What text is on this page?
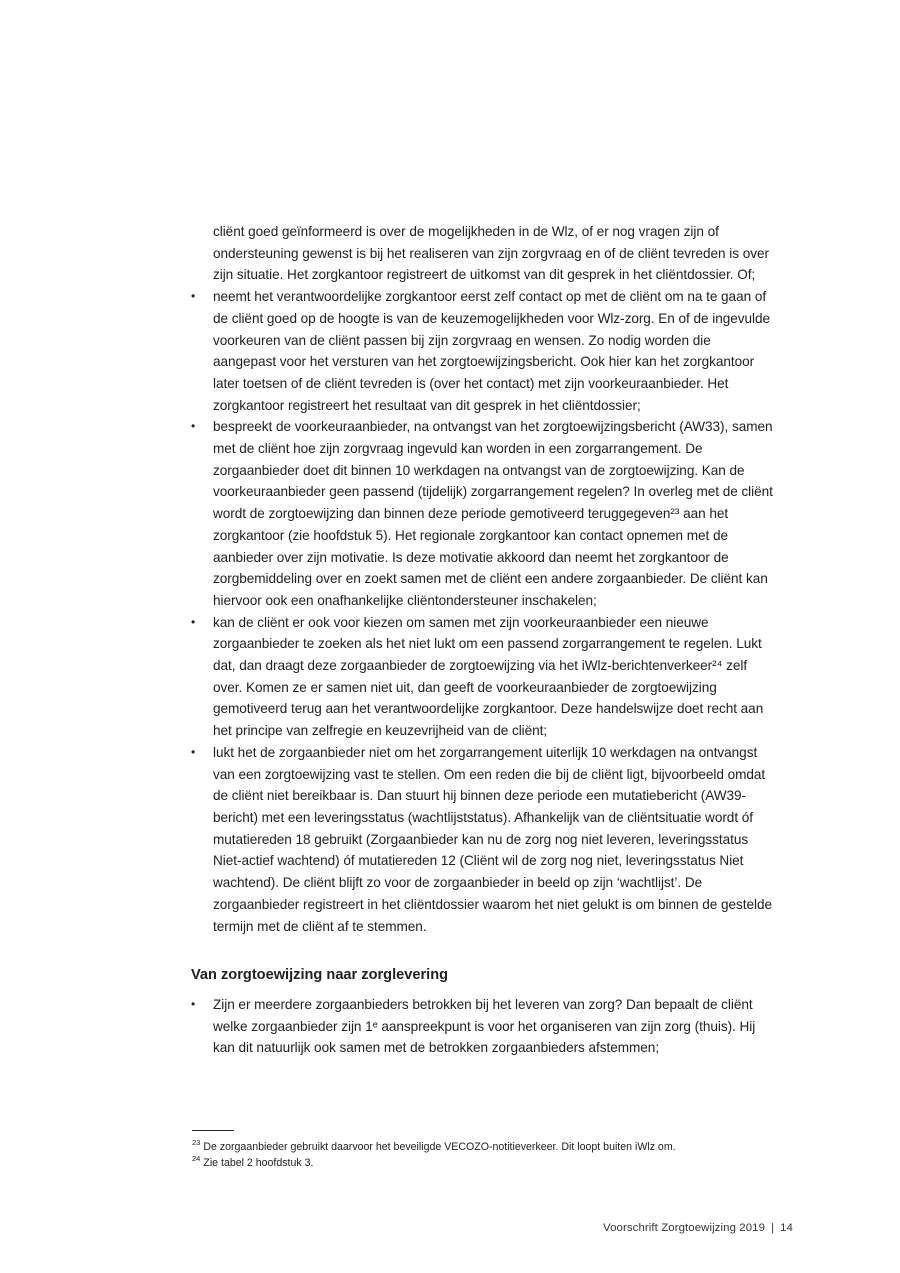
cliënt goed geïnformeerd is over de mogelijkheden in de Wlz, of er nog vragen zijn of ondersteuning gewenst is bij het realiseren van zijn zorgvraag en of de cliënt tevreden is over zijn situatie. Het zorgkantoor registreert de uitkomst van dit gesprek in het cliëntdossier. Of;

•	neemt het verantwoordelijke zorgkantoor eerst zelf contact op met de cliënt om na te gaan of de cliënt goed op de hoogte is van de keuzemogelijkheden voor Wlz-zorg. En of de ingevulde voorkeuren van de cliënt passen bij zijn zorgvraag en wensen. Zo nodig worden die aangepast voor het versturen van het zorgtoewijzingsbericht. Ook hier kan het zorgkantoor later toetsen of de cliënt tevreden is (over het contact) met zijn voorkeuraanbieder. Het zorgkantoor registreert het resultaat van dit gesprek in het cliëntdossier;
•	bespreekt de voorkeuraanbieder, na ontvangst van het zorgtoewijzingsbericht (AW33), samen met de cliënt hoe zijn zorgvraag ingevuld kan worden in een zorgarrangement. De zorgaanbieder doet dit binnen 10 werkdagen na ontvangst van de zorgtoewijzing. Kan de voorkeuraanbieder geen passend (tijdelijk) zorgarrangement regelen? In overleg met de cliënt wordt de zorgtoewijzing dan binnen deze periode gemotiveerd teruggegeven²³ aan het zorgkantoor (zie hoofdstuk 5). Het regionale zorgkantoor kan contact opnemen met de aanbieder over zijn motivatie. Is deze motivatie akkoord dan neemt het zorgkantoor de zorgbemiddeling over en zoekt samen met de cliënt een andere zorgaanbieder. De cliënt kan hiervoor ook een onafhankelijke cliëntondersteuner inschakelen;
•	kan de cliënt er ook voor kiezen om samen met zijn voorkeuraanbieder een nieuwe zorgaanbieder te zoeken als het niet lukt om een passend zorgarrangement te regelen. Lukt dat, dan draagt deze zorgaanbieder de zorgtoewijzing via het iWlz-berichtenverkeer²⁴ zelf over. Komen ze er samen niet uit, dan geeft de voorkeuraanbieder de zorgtoewijzing gemotiveerd terug aan het verantwoordelijke zorgkantoor. Deze handelswijze doet recht aan het principe van zelfregie en keuzevrijheid van de cliënt;
•	lukt het de zorgaanbieder niet om het zorgarrangement uiterlijk 10 werkdagen na ontvangst van een zorgtoewijzing vast te stellen. Om een reden die bij de cliënt ligt, bijvoorbeeld omdat de cliënt niet bereikbaar is. Dan stuurt hij binnen deze periode een mutatiebericht (AW39-bericht) met een leveringsstatus (wachtlijststatus). Afhankelijk van de cliëntsituatie wordt óf mutatiereden 18 gebruikt (Zorgaanbieder kan nu de zorg nog niet leveren, leveringsstatus Niet-actief wachtend) óf mutatiereden 12 (Cliënt wil de zorg nog niet, leveringsstatus Niet wachtend). De cliënt blijft zo voor de zorgaanbieder in beeld op zijn ‘wachtlijst’. De zorgaanbieder registreert in het cliëntdossier waarom het niet gelukt is om binnen de gestelde termijn met de cliënt af te stemmen.
Van zorgtoewijzing naar zorglevering
•	Zijn er meerdere zorgaanbieders betrokken bij het leveren van zorg? Dan bepaalt de cliënt welke zorgaanbieder zijn 1ᵉ aanspreekpunt is voor het organiseren van zijn zorg (thuis). Hij kan dit natuurlijk ook samen met de betrokken zorgaanbieders afstemmen;
$^{23}$ De zorgaanbieder gebruikt daarvoor het beveiligde VECOZO-notitieverkeer. Dit loopt buiten iWlz om.
$^{24}$ Zie tabel 2 hoofdstuk 3.
Voorschrift Zorgtoewijzing 2019 | 14
